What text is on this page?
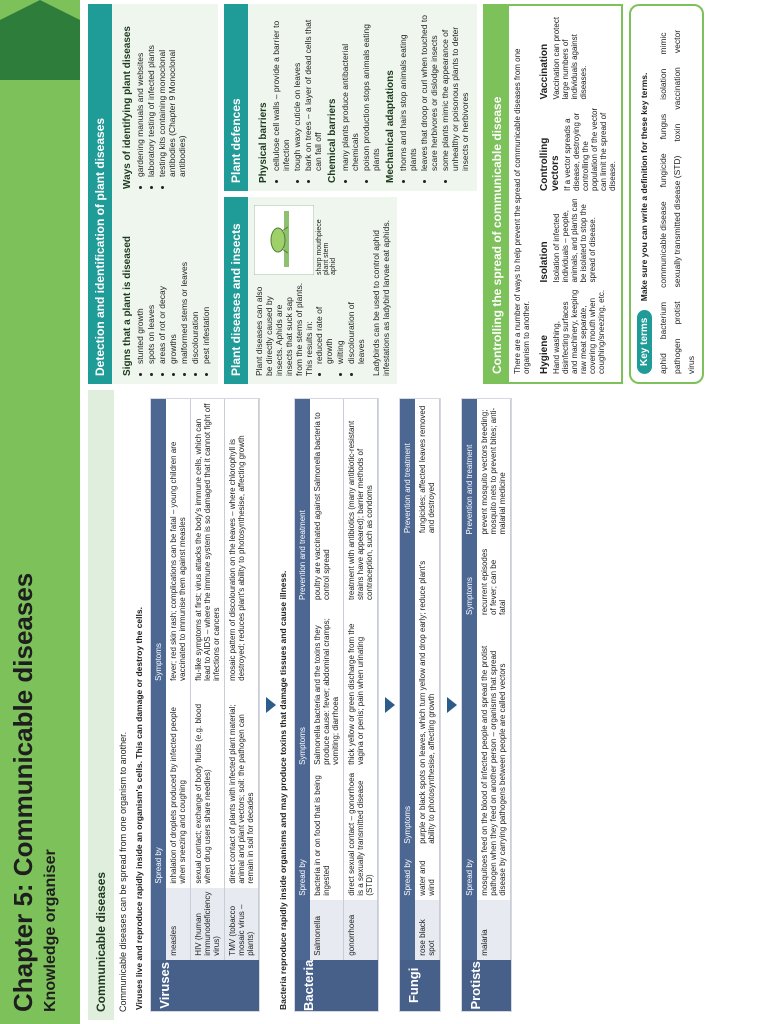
Chapter 5: Communicable diseases Knowledge organiser	Communicable diseases	Communicable diseases can be spread from one organism to another. Viruses live and reproduce rapidly inside an organism's cells. This can damage or destroy the cells.	Viruses
	Spread by	Symptoms
measles	inhalation of droplets produced by infected people when sneezing and coughing	fever; red skin rash; complications can be fatal – young children are vaccinated to immunise them against measles
HIV (human immunodeficiency virus)	sexual contact; exchange of body fluids (e.g. blood when drug users share needles)	flu-like symptoms at first; virus attacks the body's immune cells, which can lead to AIDS – where the immune system is so damaged that it cannot fight off infections or cancers
TMV (tobacco mosaic virus – plants)	direct contact of plants with infected plant material; animal and plant vectors; soil: the pathogen can remain in soil for decades	mosaic pattern of discolouration on the leaves – where chlorophyll is destroyed; reduces plant's ability to photosynthesise, affecting growth
Bacteria reproduce rapidly inside organisms and may produce toxins that damage tissues and cause illness.	Bacteria
	Spread by	Symptoms	Prevention and treatment
Salmonella	bacteria in or on food that is being ingested	Salmonella bacteria and the toxins they produce cause: fever; abdominal cramps; vomiting; diarrhoea	poultry are vaccinated against Salmonella bacteria to control spread
gonorrhoea	direct sexual contact – gonorrhoea is a sexually transmitted disease (STD)	thick yellow or green discharge from the vagina or penis; pain when urinating	treatment with antibiotics (many antibiotic-resistant strains have appeared); barrier methods of contraception, such as condoms
Fungi
	Spread by	Symptoms	Prevention and treatment
rose black spot	water and wind	purple or black spots on leaves, which turn yellow and drop early; reduce plant's ability to photosynthesise, affecting growth	fungicides; affected leaves removed and destroyed
Protists
	Spread by	Symptoms	Prevention and treatment
malaria	mosquitoes feed on the blood of infected people and spread the protist pathogen when they feed on another person – organisms that spread disease by carrying pathogens between people are called vectors	recurrent episodes of fever; can be fatal	prevent mosquito vectors breeding; mosquito nets to prevent bites; anti-malarial medicine
Detection and identification of plant diseases	Signs that a plant is diseased • stunted growth • spots on leaves • areas of rot or decay • growths • malformed stems or leaves • discolouration • pest infestation
Ways of identifying plant diseases • gardening manuals and websites • laboratory testing of infected plants • testing kits containing monoclonal antibodies (Chapter 9 Monoclonal antibodies)
Plant diseases and insects	Plant diseases can also be directly caused by insects. Aphids are insects that suck sap from the stems of plants. This results in: • reduced rate of growth • wilting • discolouration of leaves
sharp mouthpiece plant stem aphid	Ladybirds can be used to control aphid infestations as ladybird larvae eat aphids.

Plant defences	Physical barriers • cellulose cell walls – provide a barrier to infection • tough waxy cuticle on leaves • bark on trees – a layer of dead cells that can fall off Chemical barriers • many plants produce antibacterial chemicals • poison production stops animals eating plants Mechanical adaptations • thorns and hairs stop animals eating plants • leaves that droop or curl when touched to scare herbivores or dislodge insects • some plants mimic the appearance of unhealthy or poisonous plants to deter insects or herbivores	Controlling the spread of communicable disease	There are a number of ways to help prevent the spread of communicable diseases from one organism to another. Hygiene Hand washing, disinfecting surfaces and machinery, keeping raw meat separate, covering mouth when coughing/sneezing, etc.
Isolation Isolation of infected individuals – people, animals, and plants can be isolated to stop the spread of disease.
Controlling vectors If a vector spreads a disease, destroying or controlling the population of the vector can limit the spread of disease.
Vaccination Vaccination can protect large numbers of individuals against diseases.
Key terms Make sure you can write a definition for these key terms.
aphid
bacterium
communicable disease
fungicide
fungus
isolation
mimic
pathogen
protist
sexually transmitted disease (STD)
toxin
vaccination
vector
virus
